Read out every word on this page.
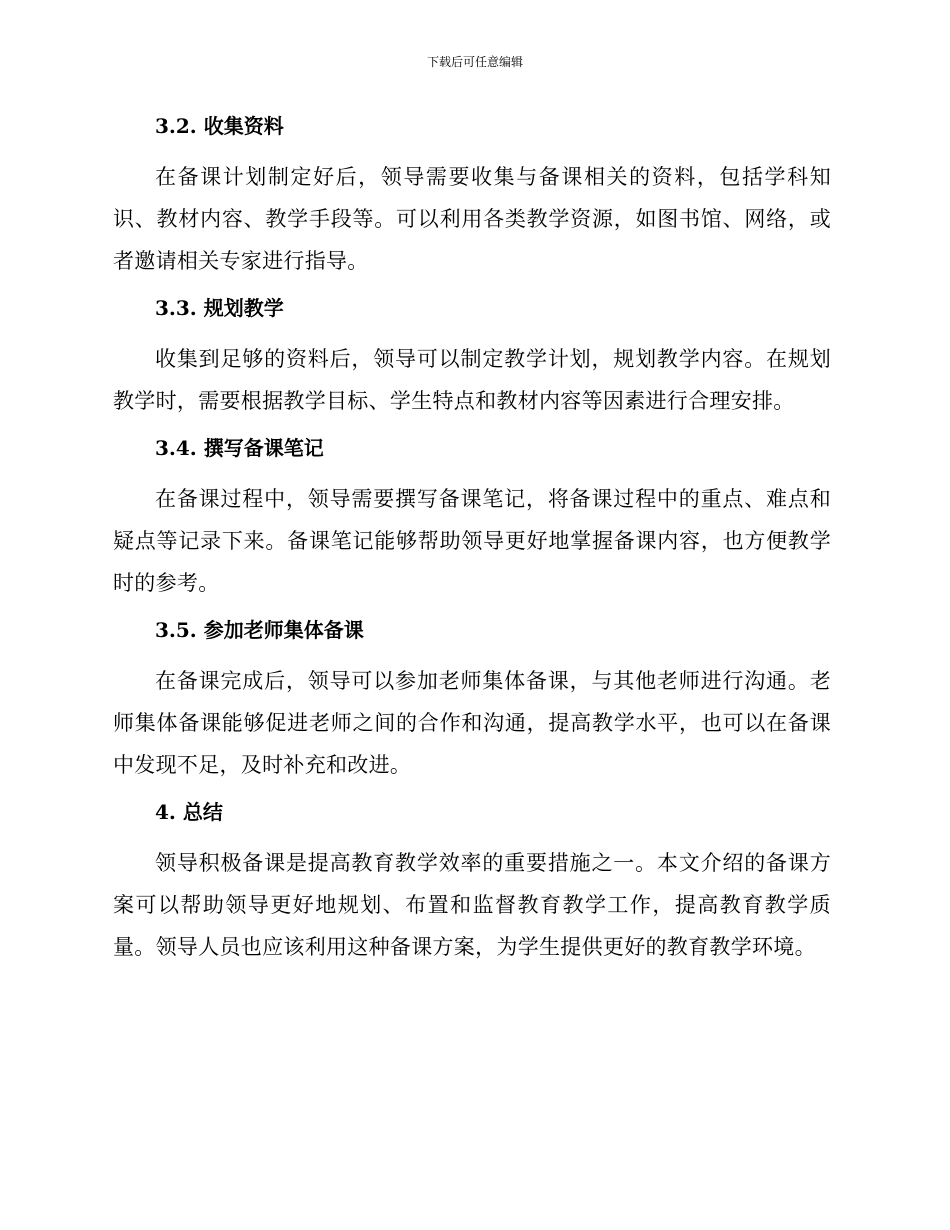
下载后可任意编辑
3.2. 收集资料

在备课计划制定好后，领导需要收集与备课相关的资料，包括学科知识、教材内容、教学手段等。可以利用各类教学资源，如图书馆、网络，或者邀请相关专家进行指导。

3.3. 规划教学

收集到足够的资料后，领导可以制定教学计划，规划教学内容。在规划教学时，需要根据教学目标、学生特点和教材内容等因素进行合理安排。

3.4. 撰写备课笔记

在备课过程中，领导需要撰写备课笔记，将备课过程中的重点、难点和疑点等记录下来。备课笔记能够帮助领导更好地掌握备课内容，也方便教学时的参考。

3.5. 参加老师集体备课

在备课完成后，领导可以参加老师集体备课，与其他老师进行沟通。老师集体备课能够促进老师之间的合作和沟通，提高教学水平，也可以在备课中发现不足，及时补充和改进。

4. 总结

领导积极备课是提高教育教学效率的重要措施之一。本文介绍的备课方案可以帮助领导更好地规划、布置和监督教育教学工作，提高教育教学质量。领导人员也应该利用这种备课方案，为学生提供更好的教育教学环境。
